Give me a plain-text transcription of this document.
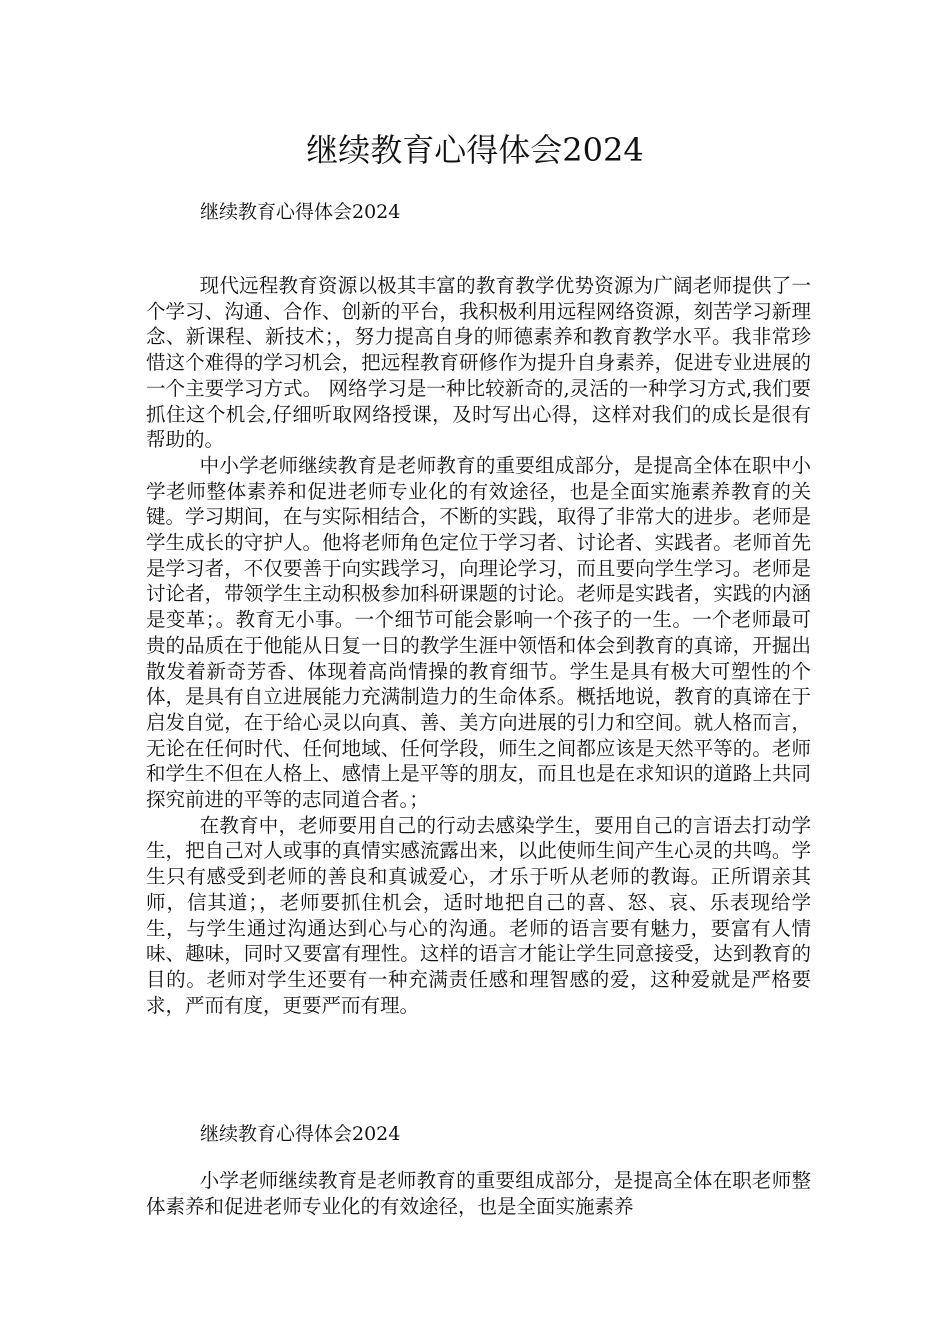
继续教育心得体会2024
继续教育心得体会2024

现代远程教育资源以极其丰富的教育教学优势资源为广阔老师提供了一个学习、沟通、合作、创新的平台，我积极利用远程网络资源，刻苦学习新理念、新课程、新技术；，努力提高自身的师德素养和教育教学水平。我非常珍惜这个难得的学习机会，把远程教育研修作为提升自身素养，促进专业进展的一个主要学习方式。 网络学习是一种比较新奇的,灵活的一种学习方式,我们要抓住这个机会,仔细听取网络授课，及时写出心得，这样对我们的成长是很有帮助的。

中小学老师继续教育是老师教育的重要组成部分，是提高全体在职中小学老师整体素养和促进老师专业化的有效途径，也是全面实施素养教育的关键。学习期间，在与实际相结合，不断的实践，取得了非常大的进步。老师是学生成长的守护人。他将老师角色定位于学习者、讨论者、实践者。老师首先是学习者，不仅要善于向实践学习，向理论学习，而且要向学生学习。老师是讨论者，带领学生主动积极参加科研课题的讨论。老师是实践者，实践的内涵是变革；。教育无小事。一个细节可能会影响一个孩子的一生。一个老师最可贵的品质在于他能从日复一日的教学生涯中领悟和体会到教育的真谛，开掘出散发着新奇芳香、体现着高尚情操的教育细节。学生是具有极大可塑性的个体，是具有自立进展能力充满制造力的生命体系。概括地说，教育的真谛在于启发自觉，在于给心灵以向真、善、美方向进展的引力和空间。就人格而言，无论在任何时代、任何地域、任何学段，师生之间都应该是天然平等的。老师和学生不但在人格上、感情上是平等的朋友，而且也是在求知识的道路上共同探究前进的平等的志同道合者。；

在教育中，老师要用自己的行动去感染学生，要用自己的言语去打动学生，把自己对人或事的真情实感流露出来，以此使师生间产生心灵的共鸣。学生只有感受到老师的善良和真诚爱心，才乐于听从老师的教诲。正所谓亲其师，信其道；，老师要抓住机会，适时地把自己的喜、怒、哀、乐表现给学生，与学生通过沟通达到心与心的沟通。老师的语言要有魅力，要富有人情味、趣味，同时又要富有理性。这样的语言才能让学生同意接受，达到教育的目的。老师对学生还要有一种充满责任感和理智感的爱，这种爱就是严格要求，严而有度，更要严而有理。

继续教育心得体会2024

小学老师继续教育是老师教育的重要组成部分，是提高全体在职老师整体素养和促进老师专业化的有效途径，也是全面实施素养
